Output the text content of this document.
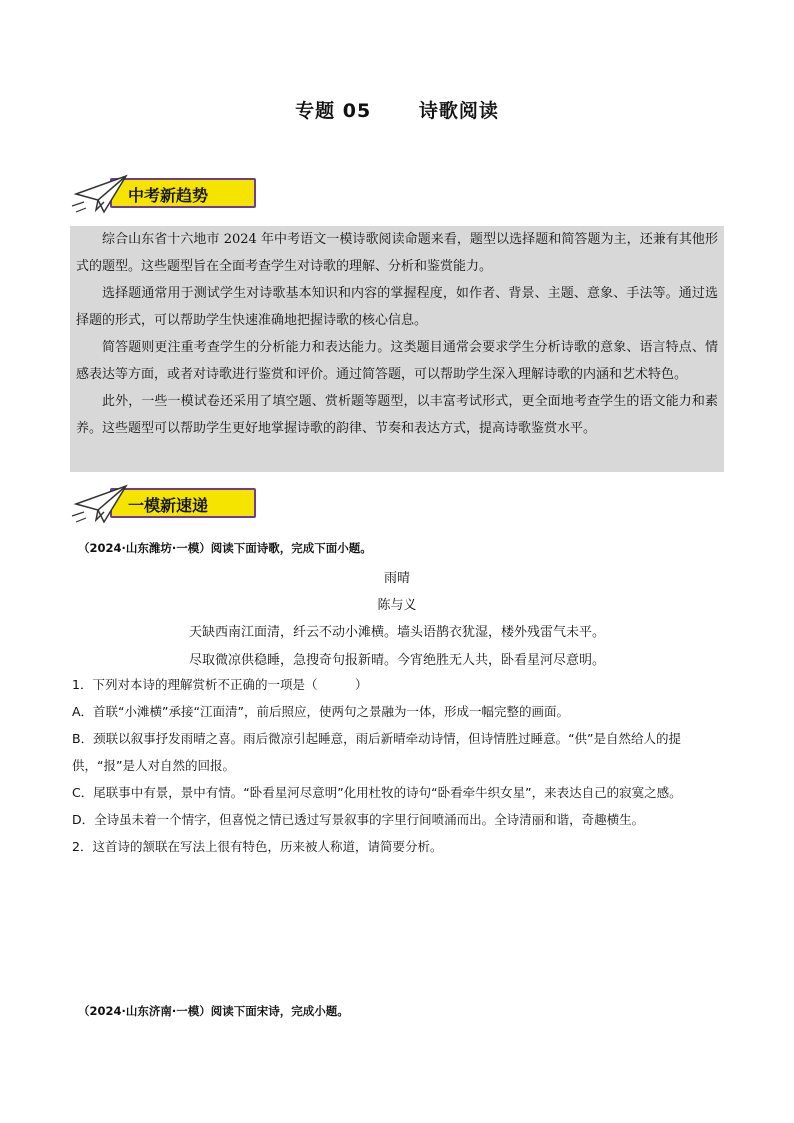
专题 05	诗歌阅读
中考新趋势

综合山东省十六地市 2024 年中考语文一模诗歌阅读命题来看，题型以选择题和简答题为主，还兼有其他形式的题型。这些题型旨在全面考查学生对诗歌的理解、分析和鉴赏能力。

选择题通常用于测试学生对诗歌基本知识和内容的掌握程度，如作者、背景、主题、意象、手法等。通过选择题的形式，可以帮助学生快速准确地把握诗歌的核心信息。

简答题则更注重考查学生的分析能力和表达能力。这类题目通常会要求学生分析诗歌的意象、语言特点、情感表达等方面，或者对诗歌进行鉴赏和评价。通过简答题，可以帮助学生深入理解诗歌的内涵和艺术特色。

此外，一些一模试卷还采用了填空题、赏析题等题型，以丰富考试形式，更全面地考查学生的语文能力和素养。这些题型可以帮助学生更好地掌握诗歌的韵律、节奏和表达方式，提高诗歌鉴赏水平。

一模新速递
（2024·山东潍坊·一模）阅读下面诗歌，完成下面小题。
雨晴
陈与义
天缺西南江面清，纤云不动小滩横。墙头语鹊衣犹湿，楼外残雷气未平。
尽取微凉供稳睡，急搜奇句报新晴。今宵绝胜无人共，卧看星河尽意明。
1．下列对本诗的理解赏析不正确的一项是（　　　）
A．首联“小滩横”承接“江面清”，前后照应，使两句之景融为一体，形成一幅完整的画面。
B．颈联以叙事抒发雨晴之喜。雨后微凉引起睡意，雨后新晴牵动诗情，但诗情胜过睡意。“供”是自然给人的提供，“报”是人对自然的回报。
C．尾联事中有景，景中有情。“卧看星河尽意明”化用杜牧的诗句“卧看牵牛织女星”，来表达自己的寂寞之感。
D．全诗虽未着一个情字，但喜悦之情已透过写景叙事的字里行间喷涌而出。全诗清丽和谐，奇趣横生。
2．这首诗的颔联在写法上很有特色，历来被人称道，请简要分析。
（2024·山东济南·一模）阅读下面宋诗，完成小题。
